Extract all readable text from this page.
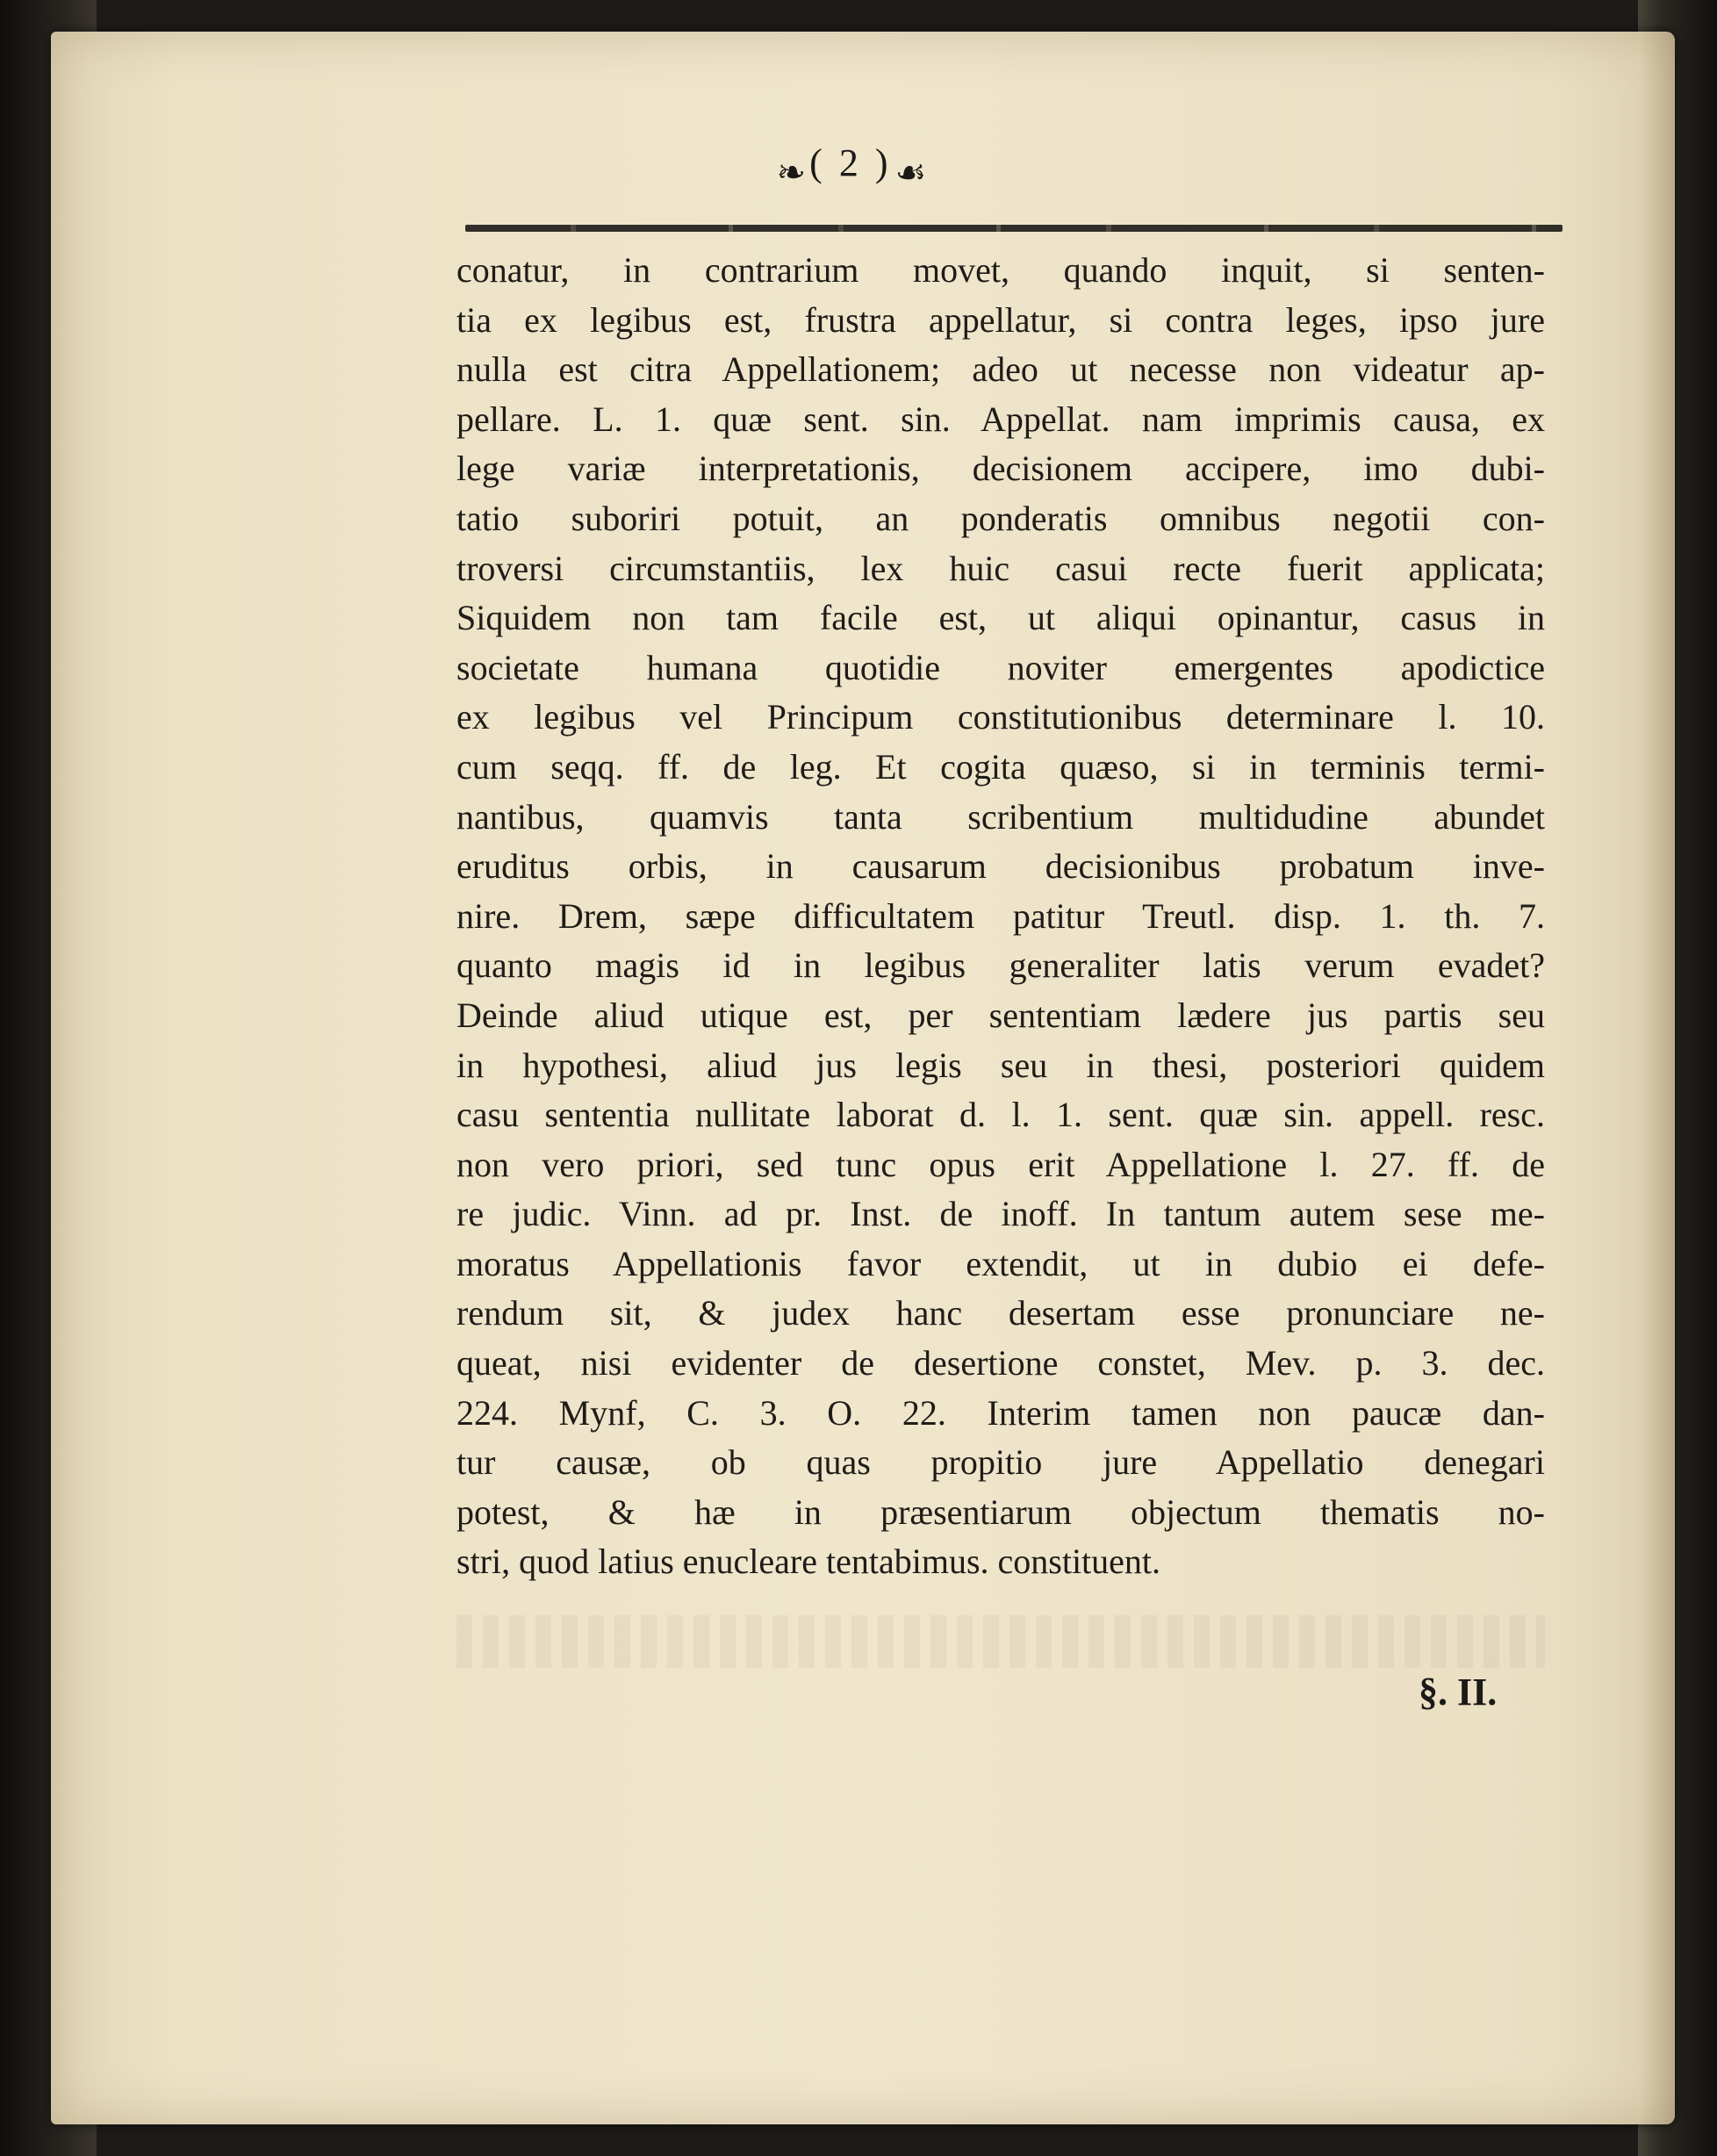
❧ ( 2 ) ☙
conatur, in contrarium movet, quando inquit, si senten-
tia ex legibus est, frustra appellatur, si contra leges, ipso jure
nulla est citra Appellationem; adeo ut necesse non videatur ap-
pellare. L. 1. quæ sent. sin. Appellat. nam imprimis causa, ex
lege variæ interpretationis, decisionem accipere, imo dubi-
tatio suboriri potuit, an ponderatis omnibus negotii con-
troversi circumstantiis, lex huic casui recte fuerit applicata;
Siquidem non tam facile est, ut aliqui opinantur, casus in
societate humana quotidie noviter emergentes apodictice
ex legibus vel Principum constitutionibus determinare l. 10.
cum seqq. ff. de leg. Et cogita quæso, si in terminis termi-
nantibus, quamvis tanta scribentium multidudine abundet
eruditus orbis, in causarum decisionibus probatum inve-
nire. Drem, sæpe difficultatem patitur Treutl. disp. 1. th. 7.
quanto magis id in legibus generaliter latis verum evadet?
Deinde aliud utique est, per sententiam lædere jus partis seu
in hypothesi, aliud jus legis seu in thesi, posteriori quidem
casu sententia nullitate laborat d. l. 1. sent. quæ sin. appell. resc.
non vero priori, sed tunc opus erit Appellatione l. 27. ff. de
re judic. Vinn. ad pr. Inst. de inoff. In tantum autem sese me-
moratus Appellationis favor extendit, ut in dubio ei defe-
rendum sit, & judex hanc desertam esse pronunciare ne-
queat, nisi evidenter de desertione constet, Mev. p. 3. dec.
224. Mynf, C. 3. O. 22. Interim tamen non paucæ dan-
tur causæ, ob quas propitio jure Appellatio denegari
potest, & hæ in præsentiarum objectum thematis no-
stri, quod latius enucleare tentabimus. constituent.
§. II.
